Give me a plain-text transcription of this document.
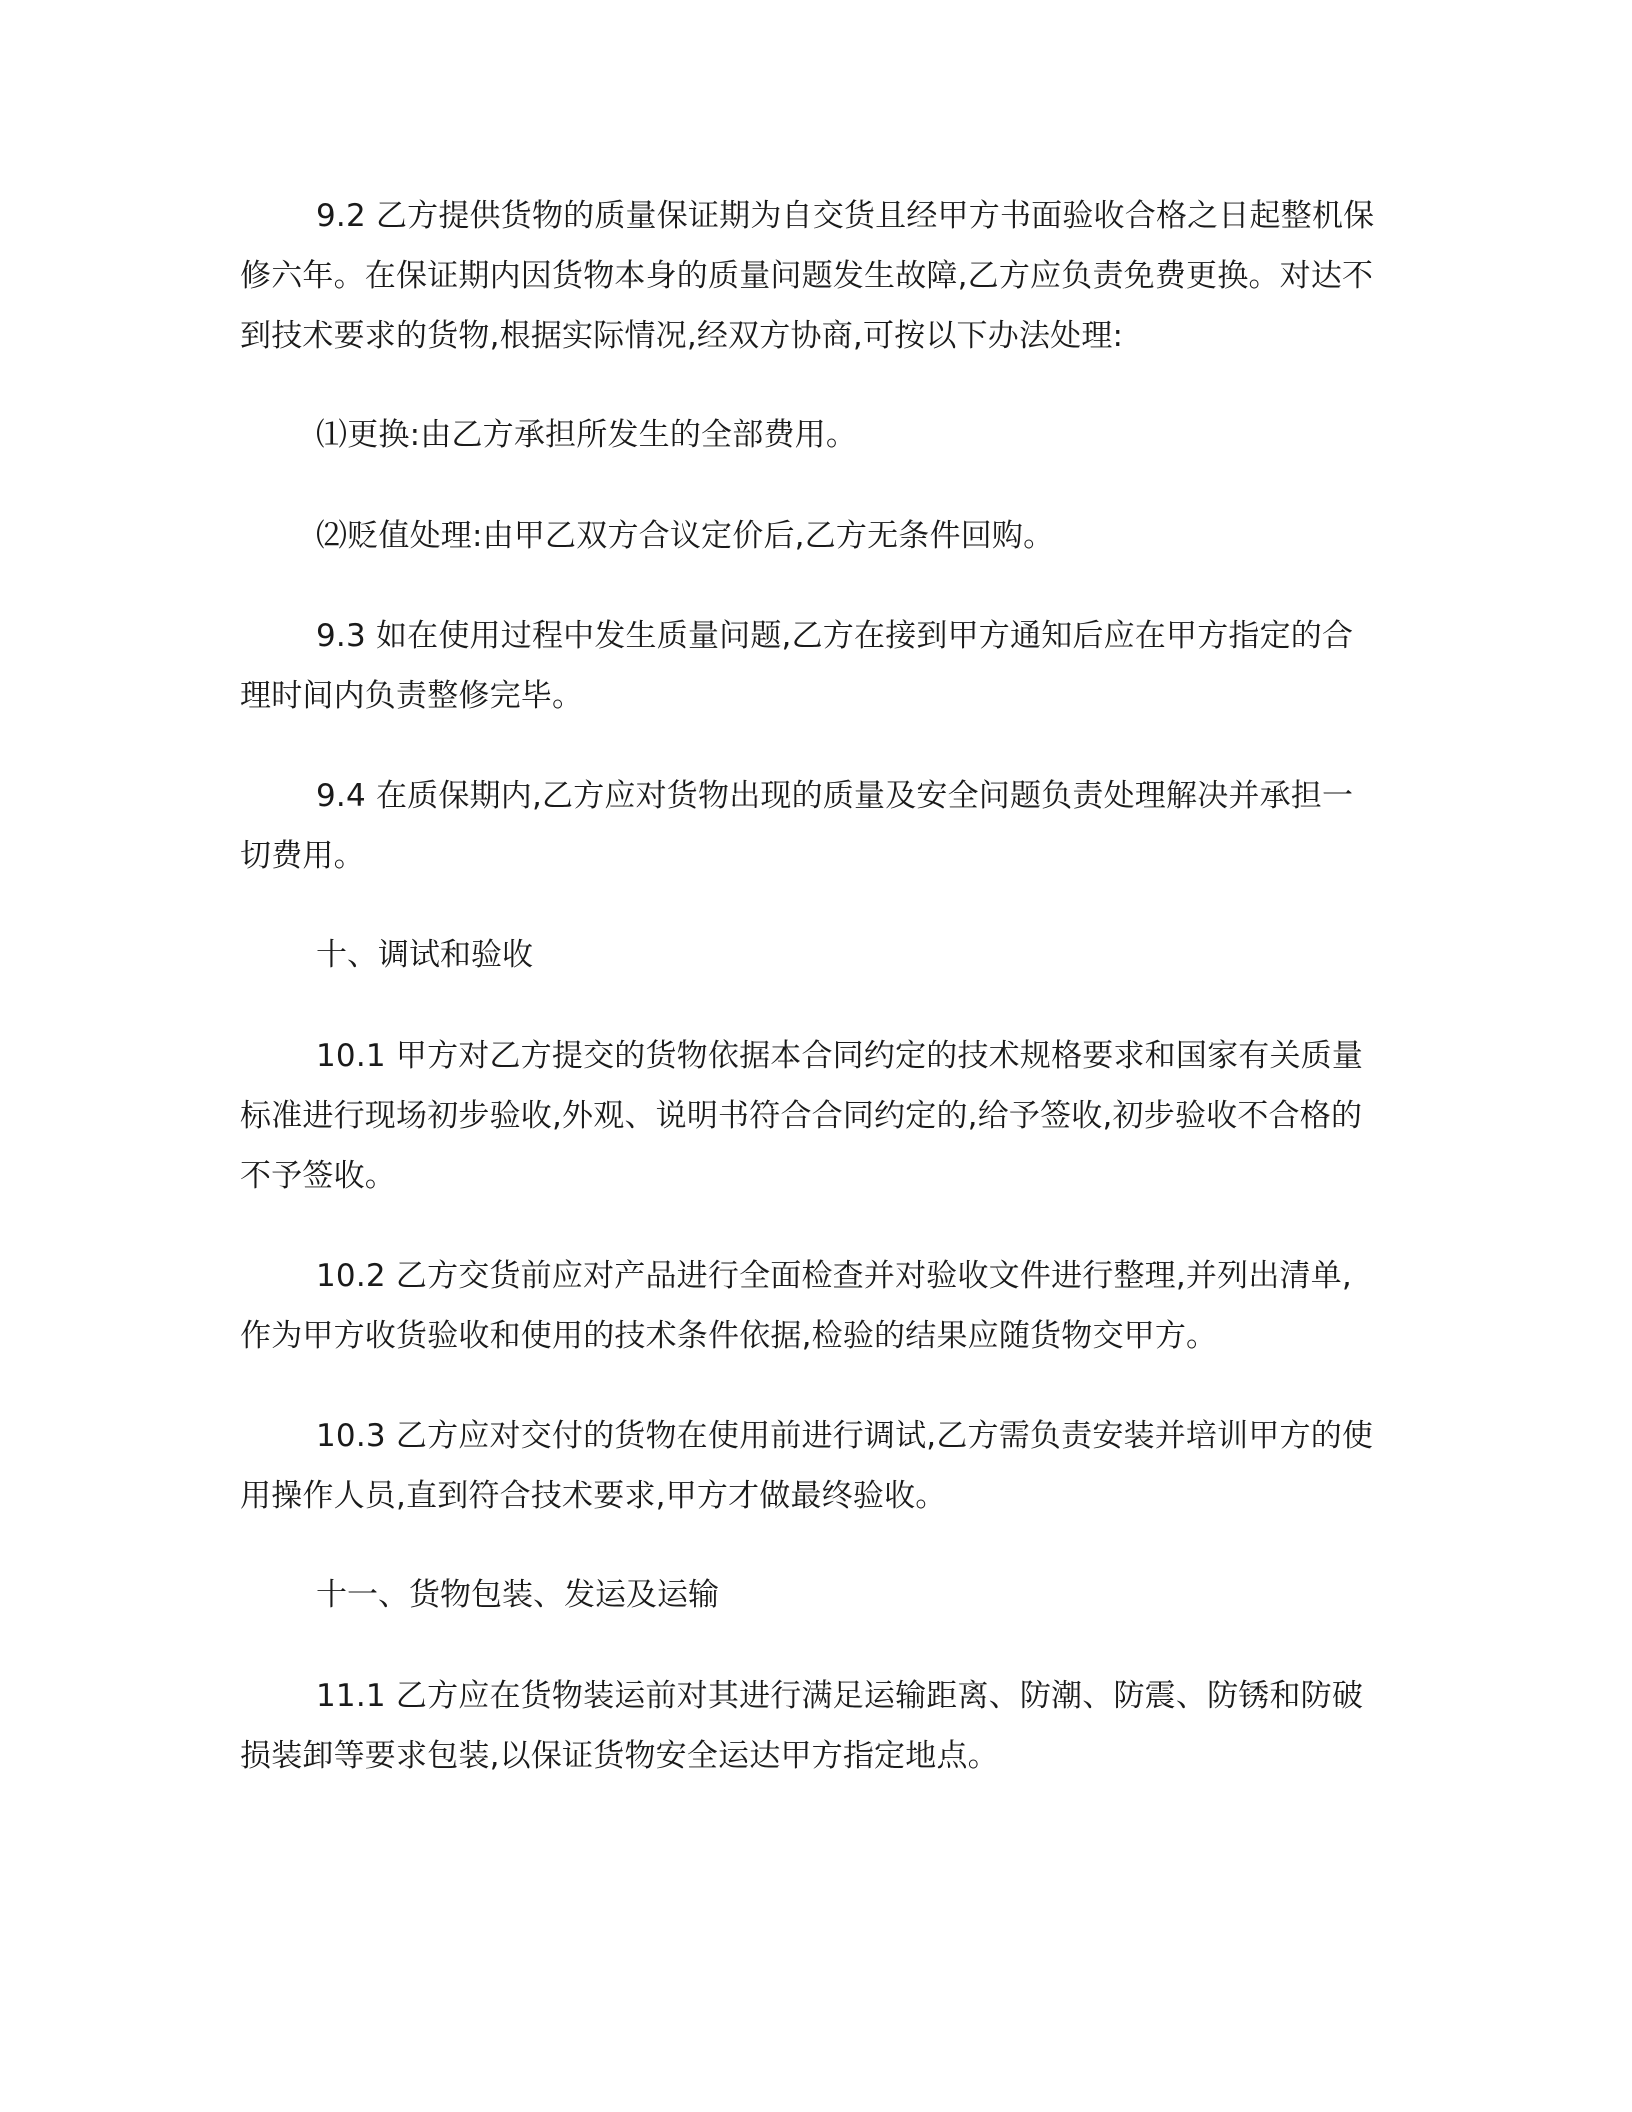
9.2 乙方提供货物的质量保证期为自交货且经甲方书面验收合格之日起整机保修六年。在保证期内因货物本身的质量问题发生故障,乙方应负责免费更换。对达不到技术要求的货物,根据实际情况,经双方协商,可按以下办法处理:

⑴更换:由乙方承担所发生的全部费用。

⑵贬值处理:由甲乙双方合议定价后,乙方无条件回购。

9.3 如在使用过程中发生质量问题,乙方在接到甲方通知后应在甲方指定的合理时间内负责整修完毕。

9.4 在质保期内,乙方应对货物出现的质量及安全问题负责处理解决并承担一切费用。

十、调试和验收

10.1 甲方对乙方提交的货物依据本合同约定的技术规格要求和国家有关质量标准进行现场初步验收,外观、说明书符合合同约定的,给予签收,初步验收不合格的不予签收。

10.2 乙方交货前应对产品进行全面检查并对验收文件进行整理,并列出清单,作为甲方收货验收和使用的技术条件依据,检验的结果应随货物交甲方。

10.3 乙方应对交付的货物在使用前进行调试,乙方需负责安装并培训甲方的使用操作人员,直到符合技术要求,甲方才做最终验收。

十一、货物包装、发运及运输

11.1 乙方应在货物装运前对其进行满足运输距离、防潮、防震、防锈和防破损装卸等要求包装,以保证货物安全运达甲方指定地点。
